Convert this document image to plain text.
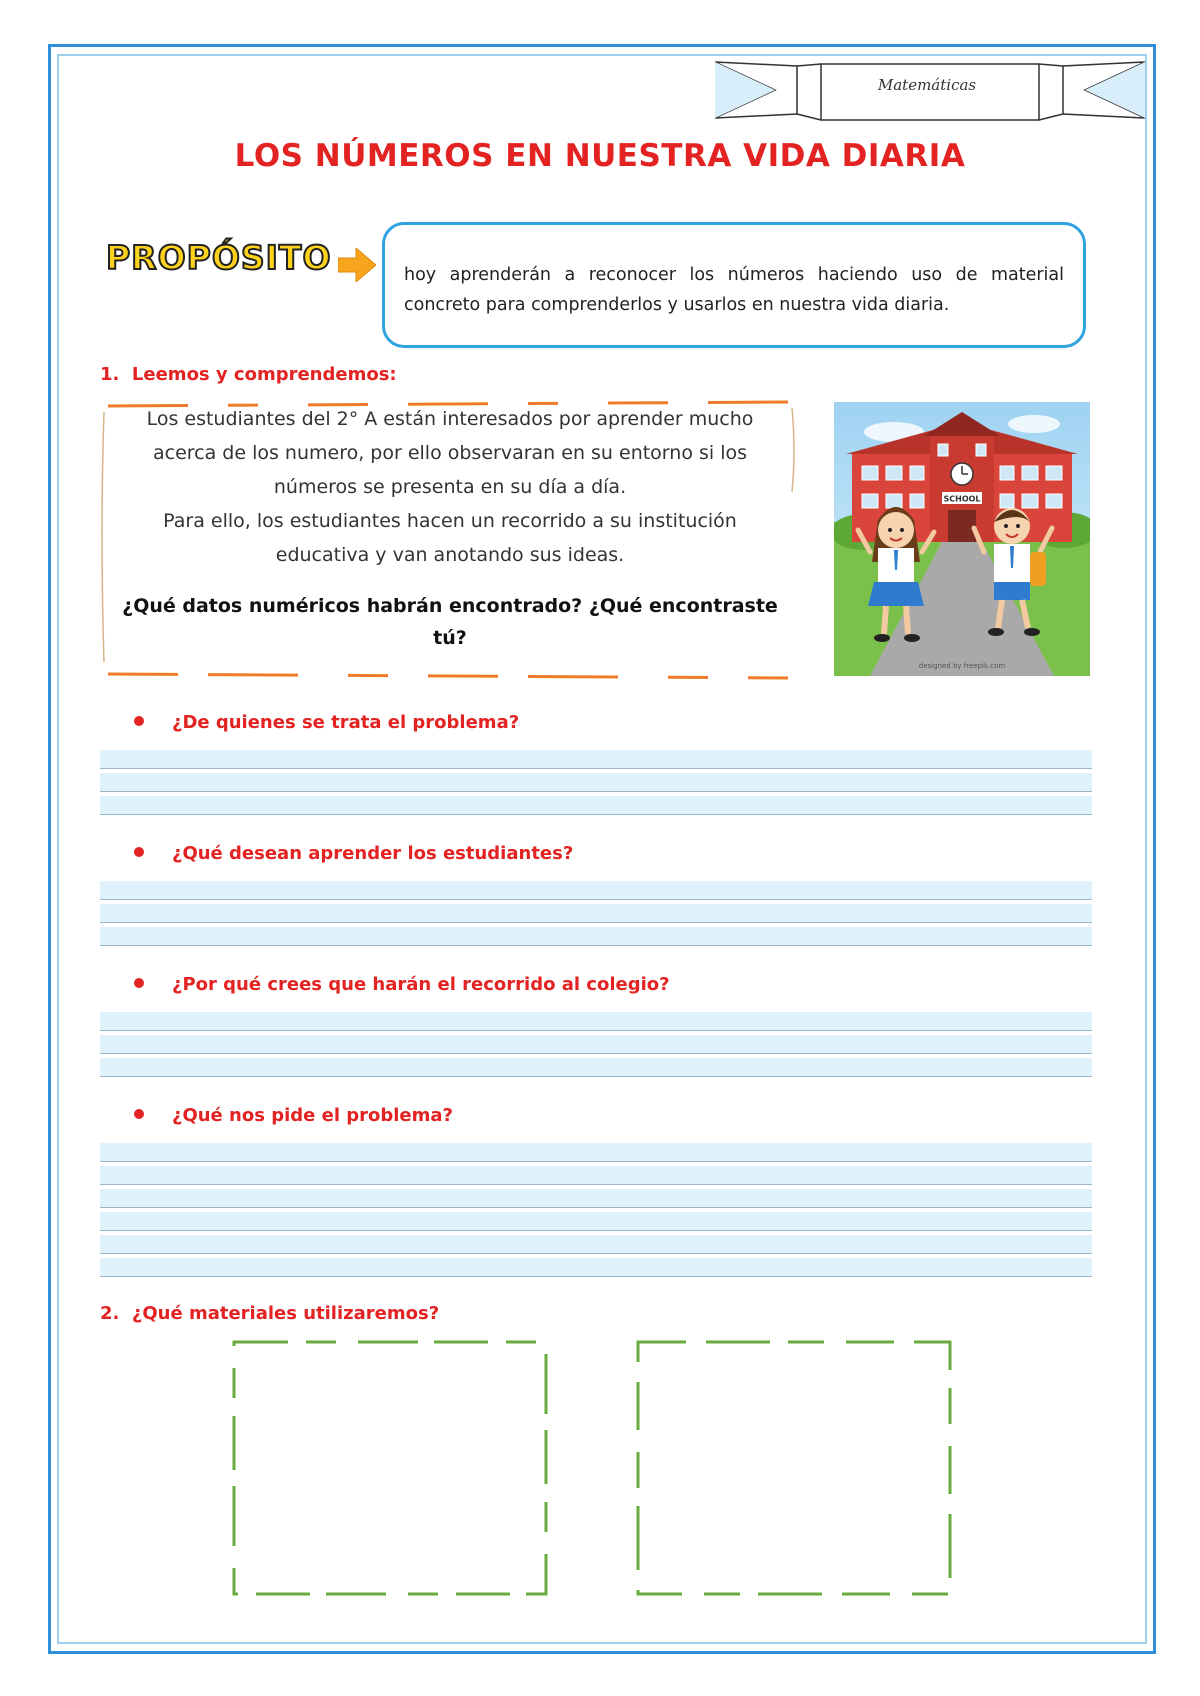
Matemáticas
LOS NÚMEROS EN NUESTRA VIDA DIARIA
PROPÓSITO	hoy aprenderán a reconocer los números haciendo uso de material concreto para comprenderlos y usarlos en nuestra vida diaria.

1. Leemos y comprendemos:

Los estudiantes del 2° A están interesados por aprender mucho
acerca de los numero, por ello observaran en su entorno si los
números se presenta en su día a día.
Para ello, los estudiantes hacen un recorrido a su institución
educativa y van anotando sus ideas.

¿Qué datos numéricos habrán encontrado? ¿Qué encontraste
tú?

SCHOOL
designed by freepik.com

¿De quienes se trata el problema?

¿Qué desean aprender los estudiantes?

¿Por qué crees que harán el recorrido al colegio?

¿Qué nos pide el problema?

2. ¿Qué materiales utilizaremos?
